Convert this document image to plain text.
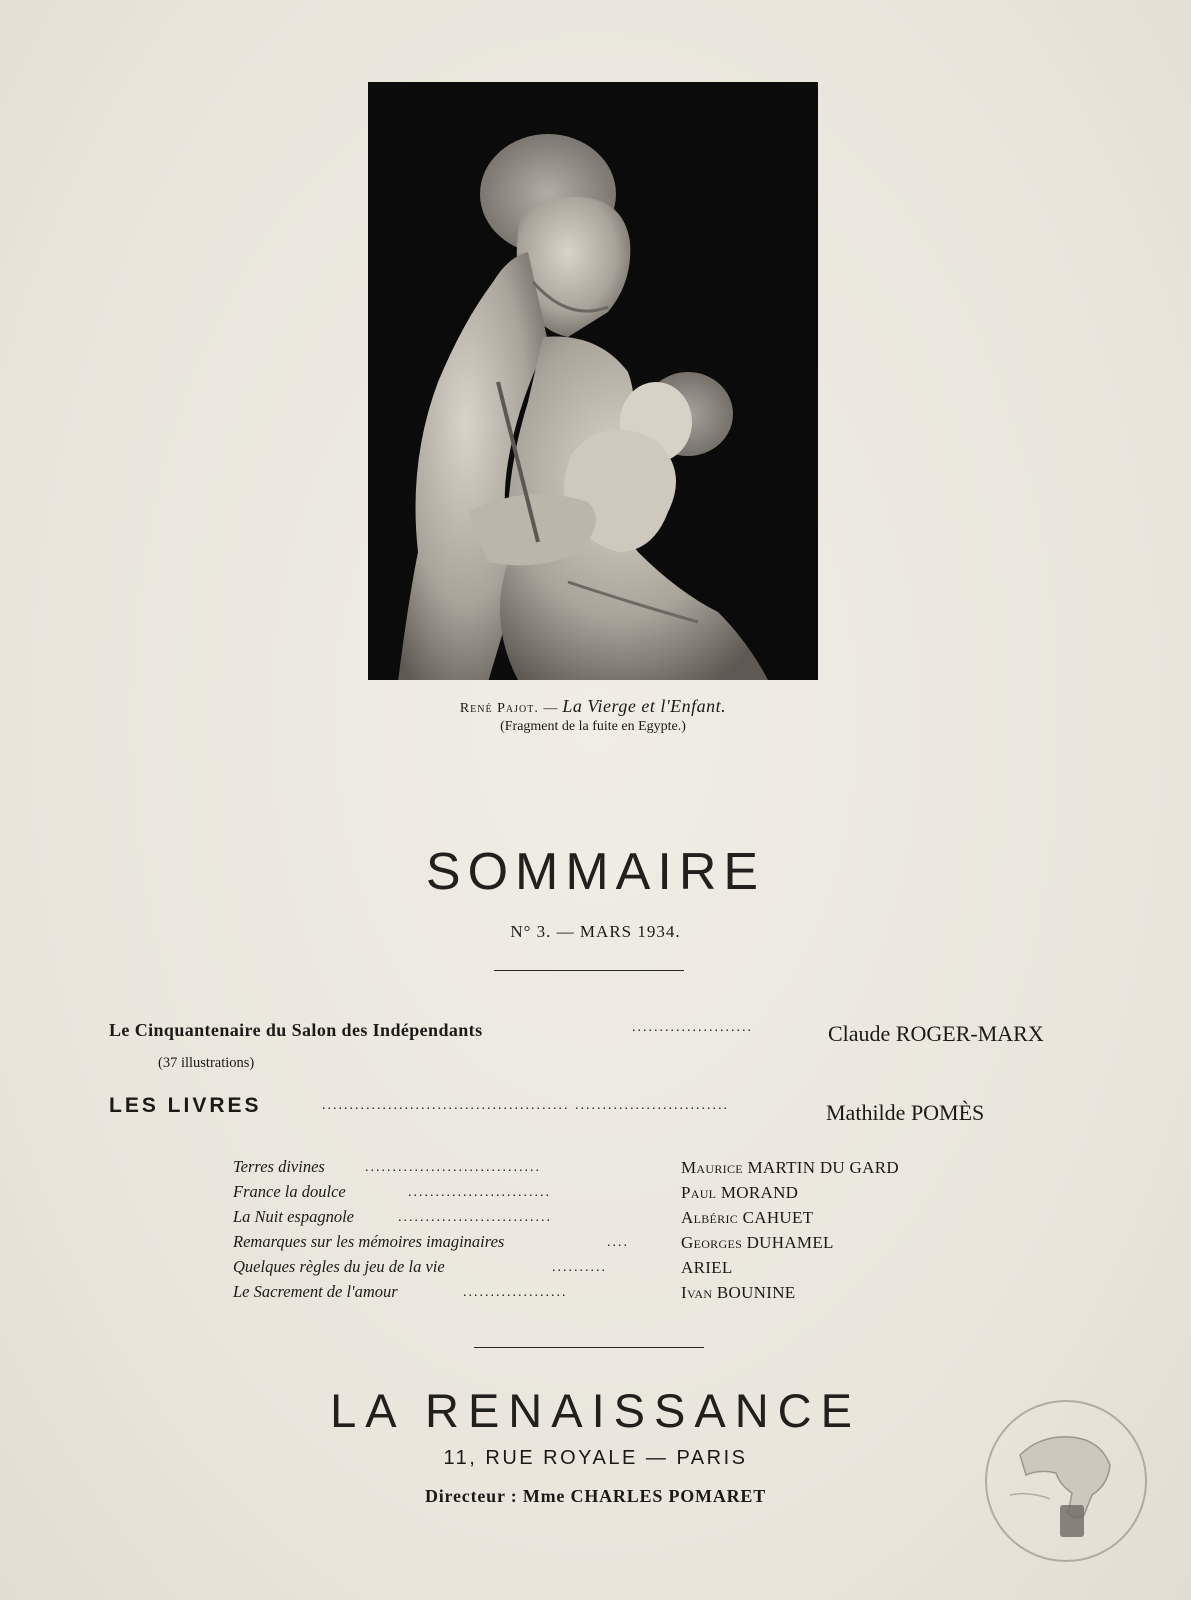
René Pajot. — La Vierge et l'Enfant.
(Fragment de la fuite en Egypte.)
SOMMAIRE
N° 3. — MARS 1934.
Le Cinquantenaire du Salon des Indépendants	......................	Claude ROGER-MARX
(37 illustrations)
LES LIVRES	............................................. ............................	Mathilde POMÈS
Terres divines	................................	Maurice MARTIN DU GARD
France la doulce	..........................	Paul MORAND
La Nuit espagnole	............................	Albéric CAHUET
Remarques sur les mémoires imaginaires	....	Georges DUHAMEL
Quelques règles du jeu de la vie	..........	ARIEL
Le Sacrement de l'amour	...................	Ivan BOUNINE
LA RENAISSANCE
11, RUE ROYALE — PARIS
Directeur : Mme CHARLES POMARET
